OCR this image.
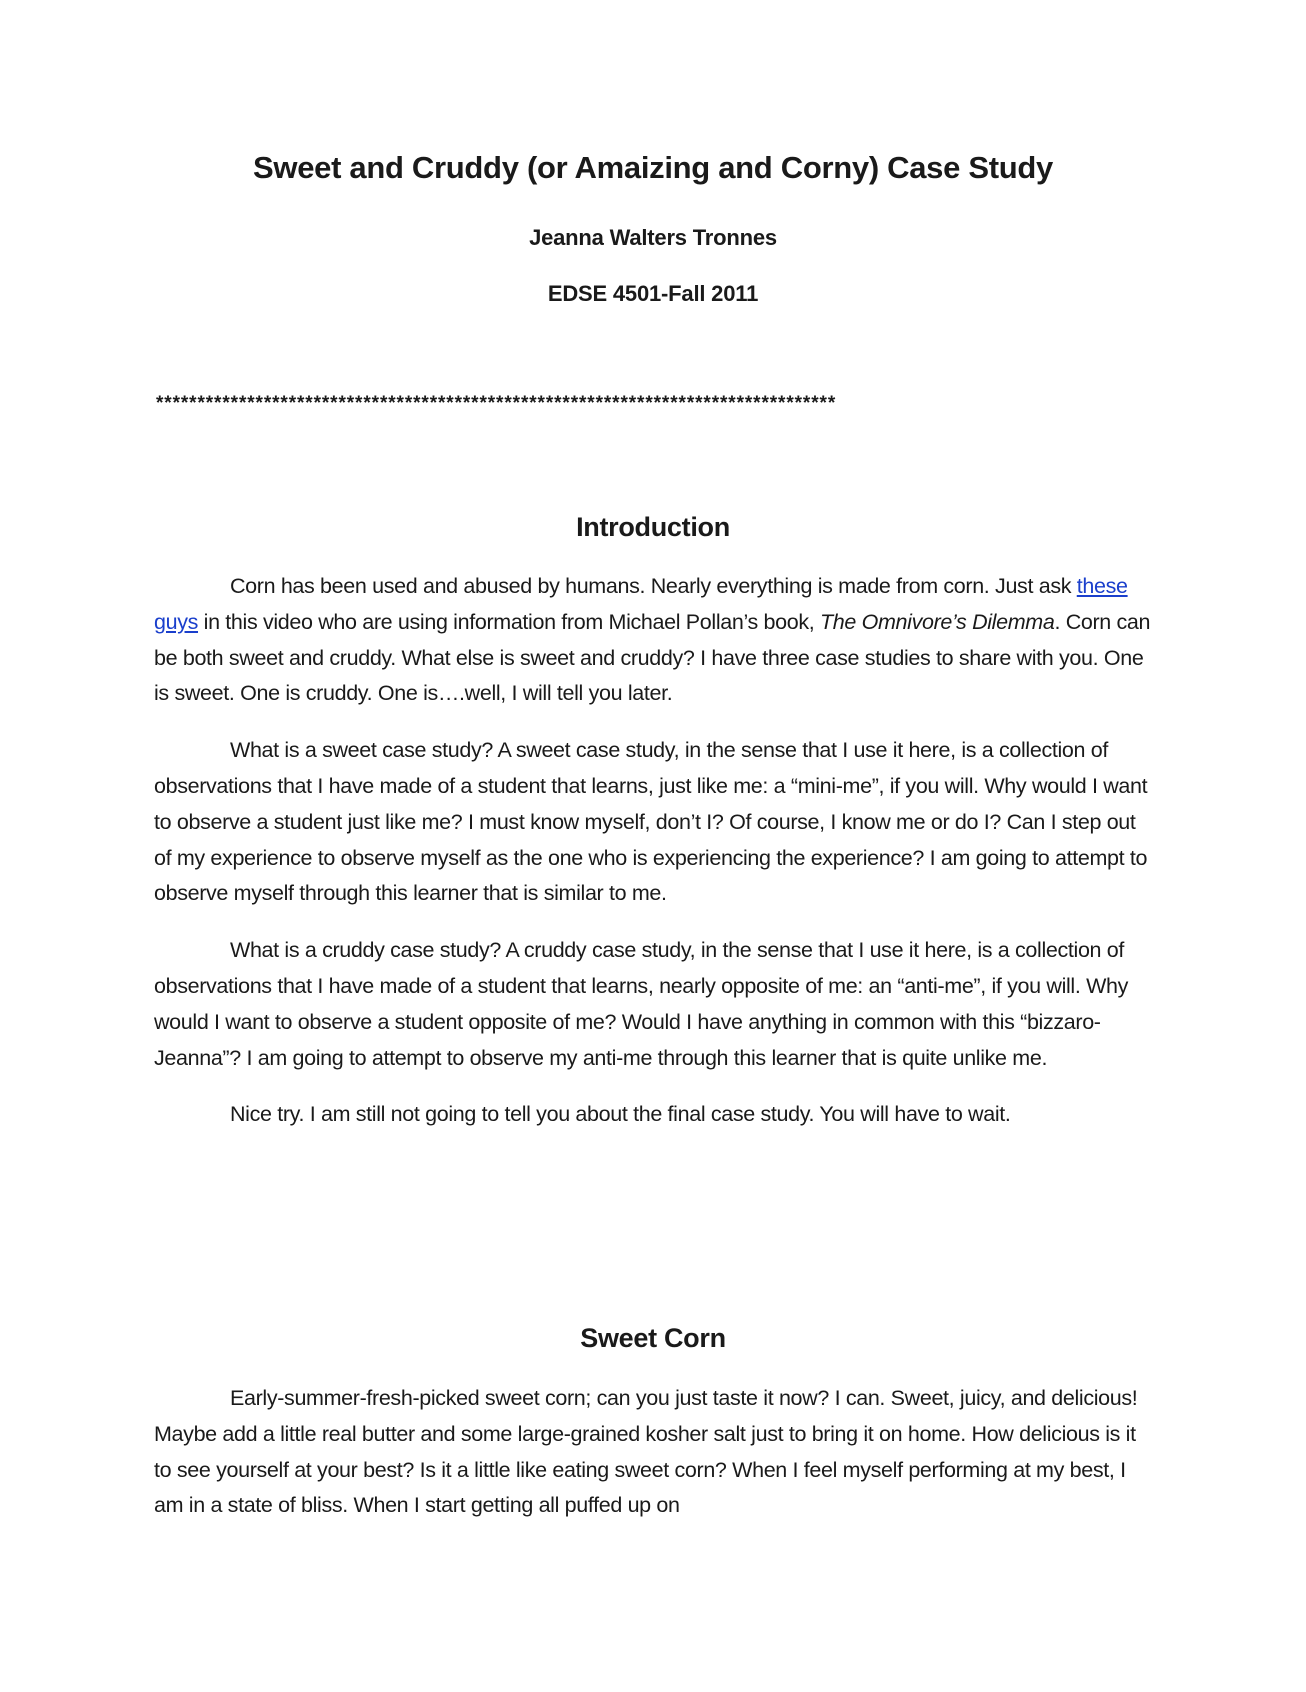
Sweet and Cruddy (or Amaizing and Corny) Case Study
Jeanna Walters Tronnes
EDSE 4501-Fall 2011
**********************************************************************************
Introduction

Corn has been used and abused by humans. Nearly everything is made from corn. Just ask these guys in this video who are using information from Michael Pollan’s book, The Omnivore’s Dilemma. Corn can be both sweet and cruddy. What else is sweet and cruddy? I have three case studies to share with you. One is sweet. One is cruddy. One is….well, I will tell you later.

What is a sweet case study? A sweet case study, in the sense that I use it here, is a collection of observations that I have made of a student that learns, just like me: a “mini-me”, if you will. Why would I want to observe a student just like me? I must know myself, don’t I? Of course, I know me or do I? Can I step out of my experience to observe myself as the one who is experiencing the experience? I am going to attempt to observe myself through this learner that is similar to me.

What is a cruddy case study? A cruddy case study, in the sense that I use it here, is a collection of observations that I have made of a student that learns, nearly opposite of me: an “anti-me”, if you will. Why would I want to observe a student opposite of me? Would I have anything in common with this “bizzaro-Jeanna”? I am going to attempt to observe my anti-me through this learner that is quite unlike me.

Nice try. I am still not going to tell you about the final case study. You will have to wait.

Sweet Corn

Early-summer-fresh-picked sweet corn; can you just taste it now? I can. Sweet, juicy, and delicious! Maybe add a little real butter and some large-grained kosher salt just to bring it on home. How delicious is it to see yourself at your best? Is it a little like eating sweet corn? When I feel myself performing at my best, I am in a state of bliss. When I start getting all puffed up on
